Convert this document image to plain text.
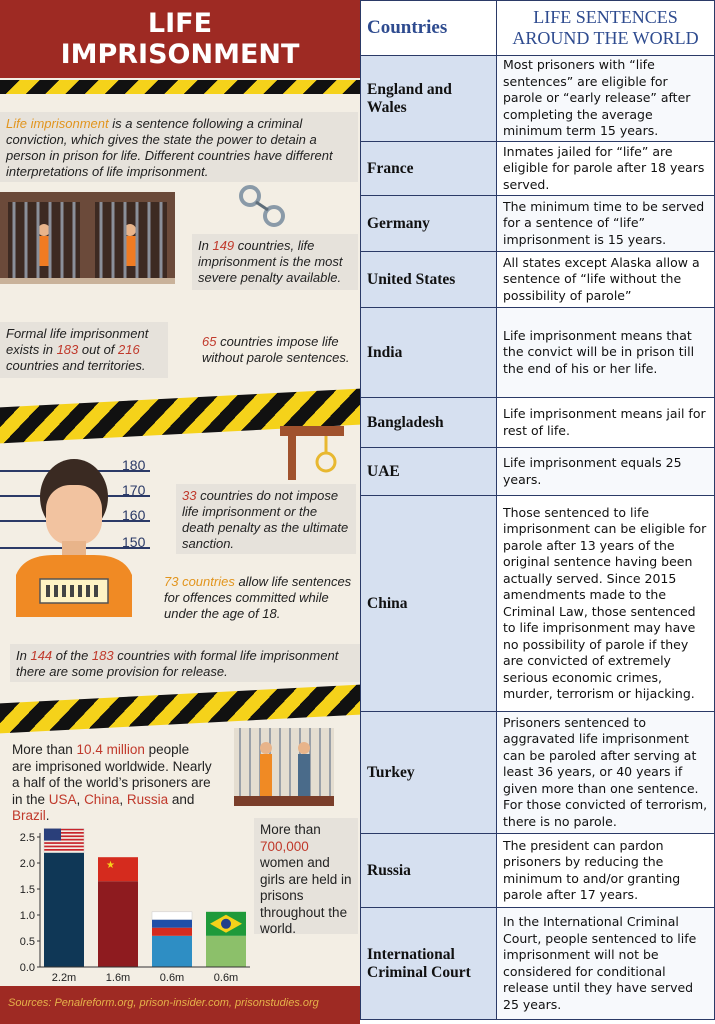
LIFE
IMPRISONMENT
Life imprisonment is a sentence following a criminal conviction, which gives the state the power to detain a person in prison for life. Different countries have different interpretations of life imprisonment.
In 149 countries, life imprisonment is the most severe penalty available.
Formal life imprisonment exists in 183 out of 216 countries and territories.
65 countries impose life without parole sentences.
180
170
160
150
33 countries do not impose life imprisonment or the death penalty as the ultimate sanction.
73 countries allow life sentences for offences committed while under the age of 18.
In 144 of the 183 countries with formal life imprisonment there are some provision for release.
More than 10.4 million people are imprisoned worldwide. Nearly a half of the world’s prisoners are in the USA, China, Russia and Brazil.
More than 700,000 women and girls are held in prisons throughout the world.
0.0
0.5
1.0
1.5
2.0
2.5
2.2m
★
1.6m	0.6m	0.6m
Sources: Penalreform.org, prison-insider.com, prisonstudies.org
Countries	LIFE SENTENCES AROUND THE WORLD
England and Wales	Most prisoners with “life sentences” are eligible for parole or “early release” after completing the average minimum term 15 years.
France	Inmates jailed for “life” are eligible for parole after 18 years served.
Germany	The minimum time to be served for a sentence of “life” imprisonment is 15 years.
United States	All states except Alaska allow a sentence of “life without the possibility of parole”
India	Life imprisonment means that the convict will be in prison till the end of his or her life.
Bangladesh	Life imprisonment means jail for rest of life.
UAE	Life imprisonment equals 25 years.
China	Those sentenced to life imprisonment can be eligible for parole after 13 years of the original sentence having been actually served. Since 2015 amendments made to the Criminal Law, those sentenced to life imprisonment may have no possibility of parole if they are convicted of extremely serious economic crimes, murder, terrorism or hijacking.
Turkey	Prisoners sentenced to aggravated life imprisonment can be paroled after serving at least 36 years, or 40 years if given more than one sentence. For those convicted of terrorism, there is no parole.
Russia	The president can pardon prisoners by reducing the minimum to and/or granting parole after 17 years.
International Criminal Court	In the International Criminal Court, people sentenced to life imprisonment will not be considered for conditional release until they have served 25 years.
